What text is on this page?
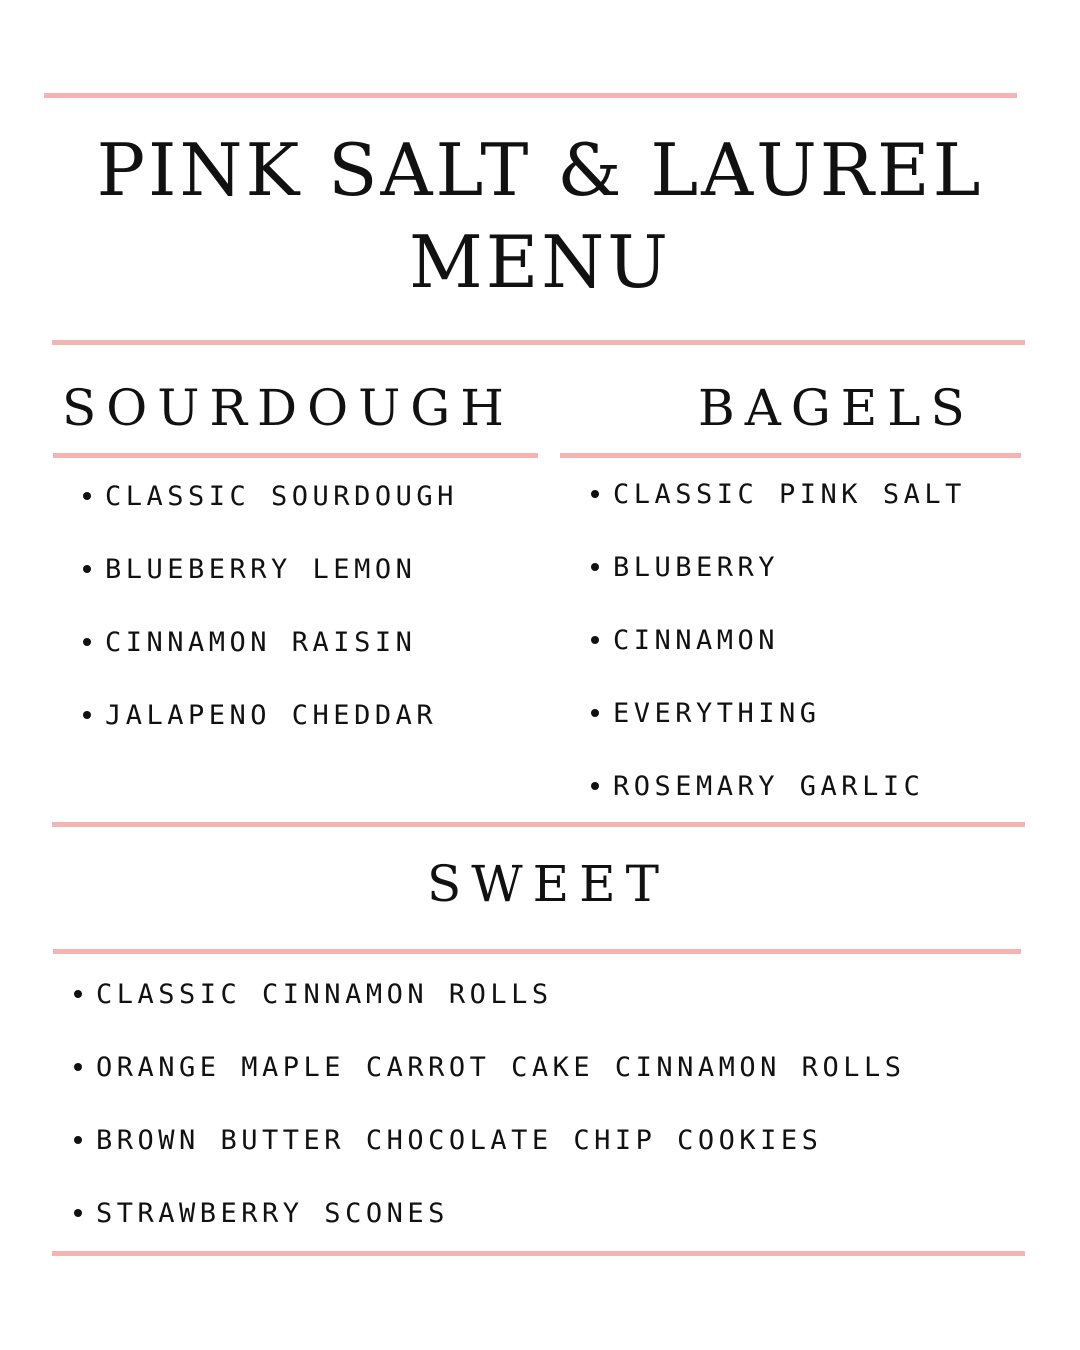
PINK SALT & LAUREL
MENU
SOURDOUGH
CLASSIC SOURDOUGH
BLUEBERRY LEMON
CINNAMON RAISIN
JALAPENO CHEDDAR
BAGELS
CLASSIC PINK SALT
BLUBERRY
CINNAMON
EVERYTHING
ROSEMARY GARLIC
SWEET
CLASSIC CINNAMON ROLLS
ORANGE MAPLE CARROT CAKE CINNAMON ROLLS
BROWN BUTTER CHOCOLATE CHIP COOKIES
STRAWBERRY SCONES
